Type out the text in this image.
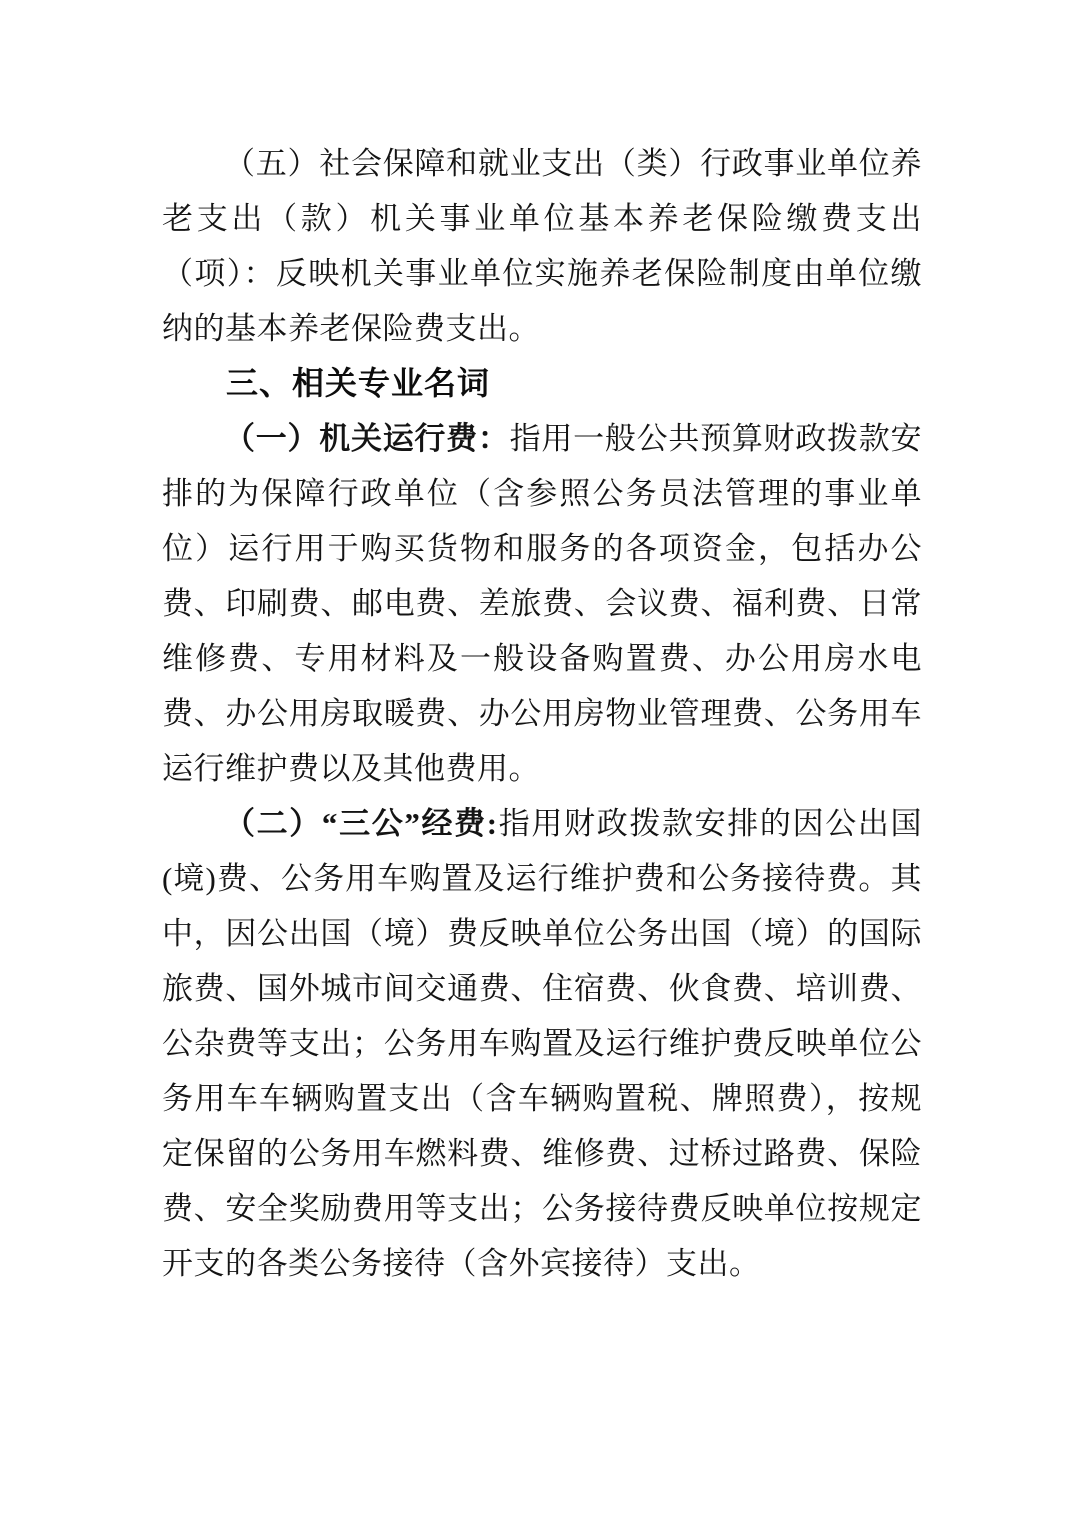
（五）社会保障和就业支出（类）行政事业单位养老支出（款）机关事业单位基本养老保险缴费支出（项）：反映机关事业单位实施养老保险制度由单位缴纳的基本养老保险费支出。

三、相关专业名词

（一）机关运行费：指用一般公共预算财政拨款安排的为保障行政单位（含参照公务员法管理的事业单位）运行用于购买货物和服务的各项资金，包括办公费、印刷费、邮电费、差旅费、会议费、福利费、日常维修费、专用材料及一般设备购置费、办公用房水电费、办公用房取暖费、办公用房物业管理费、公务用车运行维护费以及其他费用。

（二）“三公”经费:指用财政拨款安排的因公出国(境)费、公务用车购置及运行维护费和公务接待费。其中，因公出国（境）费反映单位公务出国（境）的国际旅费、国外城市间交通费、住宿费、伙食费、培训费、公杂费等支出；公务用车购置及运行维护费反映单位公务用车车辆购置支出（含车辆购置税、牌照费），按规定保留的公务用车燃料费、维修费、过桥过路费、保险费、安全奖励费用等支出；公务接待费反映单位按规定开支的各类公务接待（含外宾接待）支出。
